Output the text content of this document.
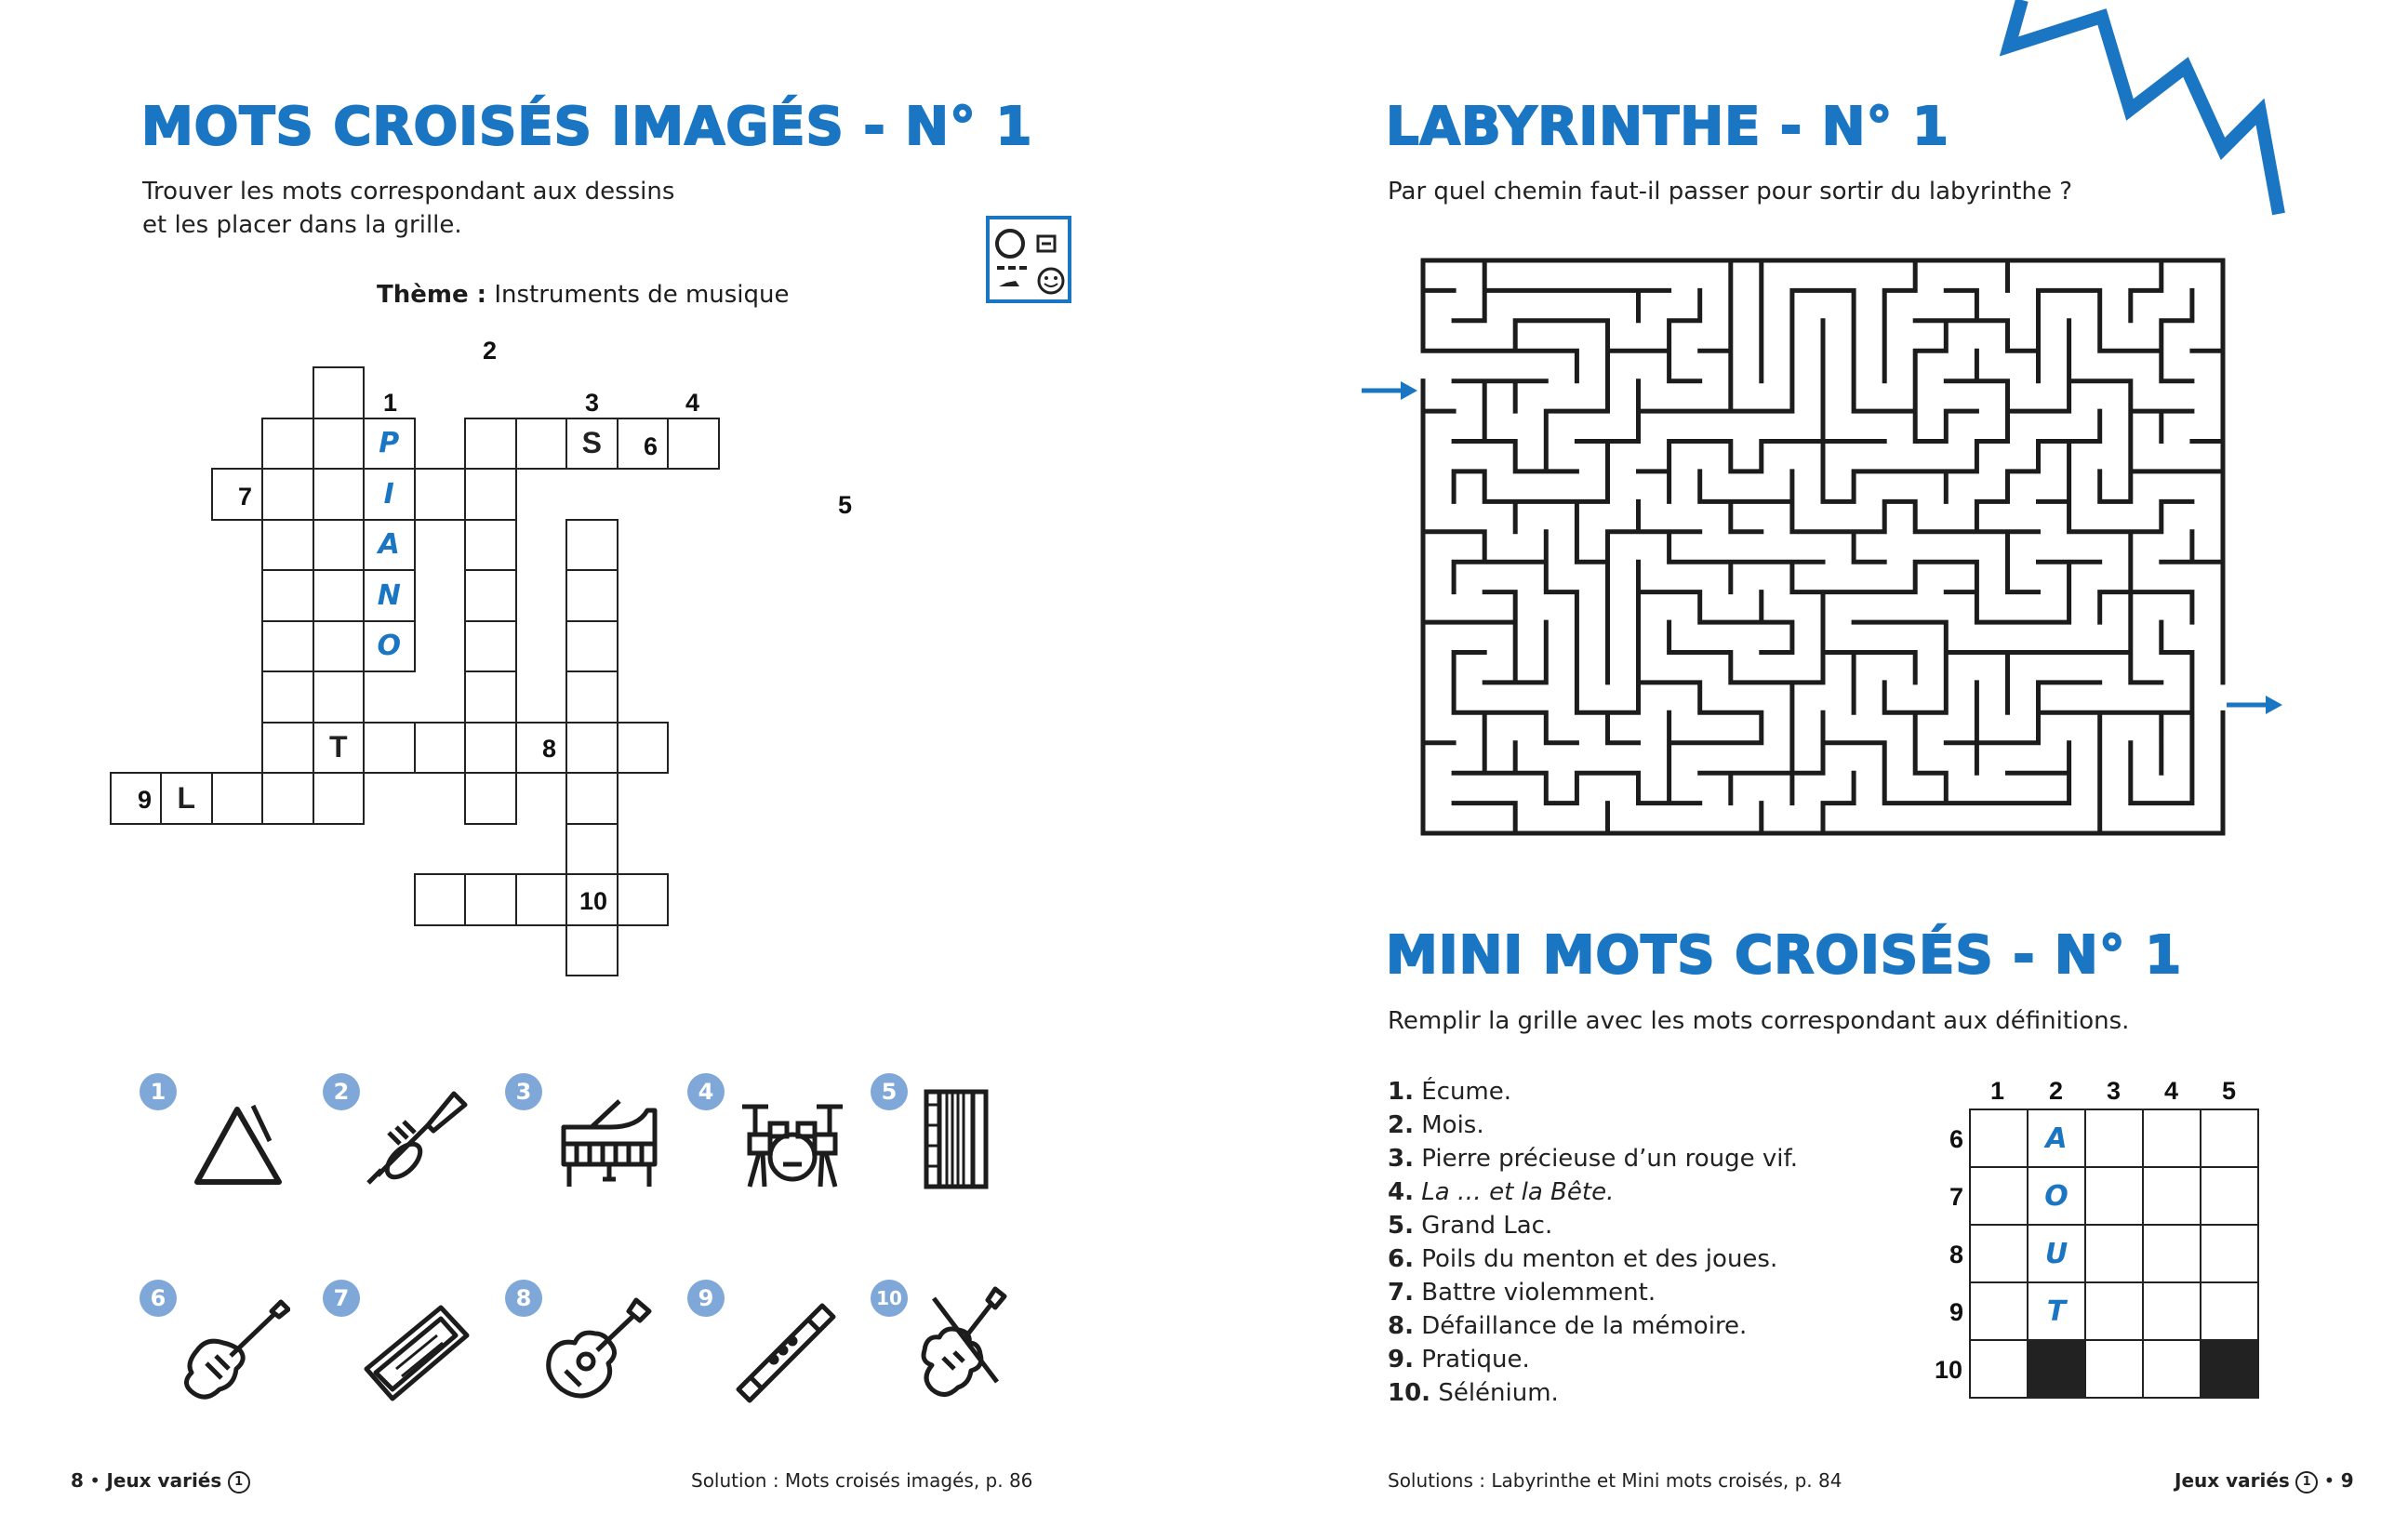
MOTS CROISÉS IMAGÉS - N° 1
Trouver les mots correspondant aux dessins
et les placer dans la grille.
Thème : Instruments de musique
S
I
T
P
A
N
O
L
1
2
3	4
5
6
7
8
9
10
1	2	3	4	5
6	7	8	9	10
8 • Jeux variés 1	Solution : Mots croisés imagés, p. 86
LABYRINTHE - N° 1
Par quel chemin faut-il passer pour sortir du labyrinthe ?
MINI MOTS CROISÉS - N° 1
Remplir la grille avec les mots correspondant aux définitions.
1. Écume.
2. Mois.
3. Pierre précieuse d’un rouge vif.
4. La … et la Bête.
5. Grand Lac.
6. Poils du menton et des joues.
7. Battre violemment.
8. Défaillance de la mémoire.
9. Pratique.
10. Sélénium.
A
O
U
T
1 2 3 4 5
6
7
8
9
10
Solutions : Labyrinthe et Mini mots croisés, p. 84	Jeux variés 1 • 9
